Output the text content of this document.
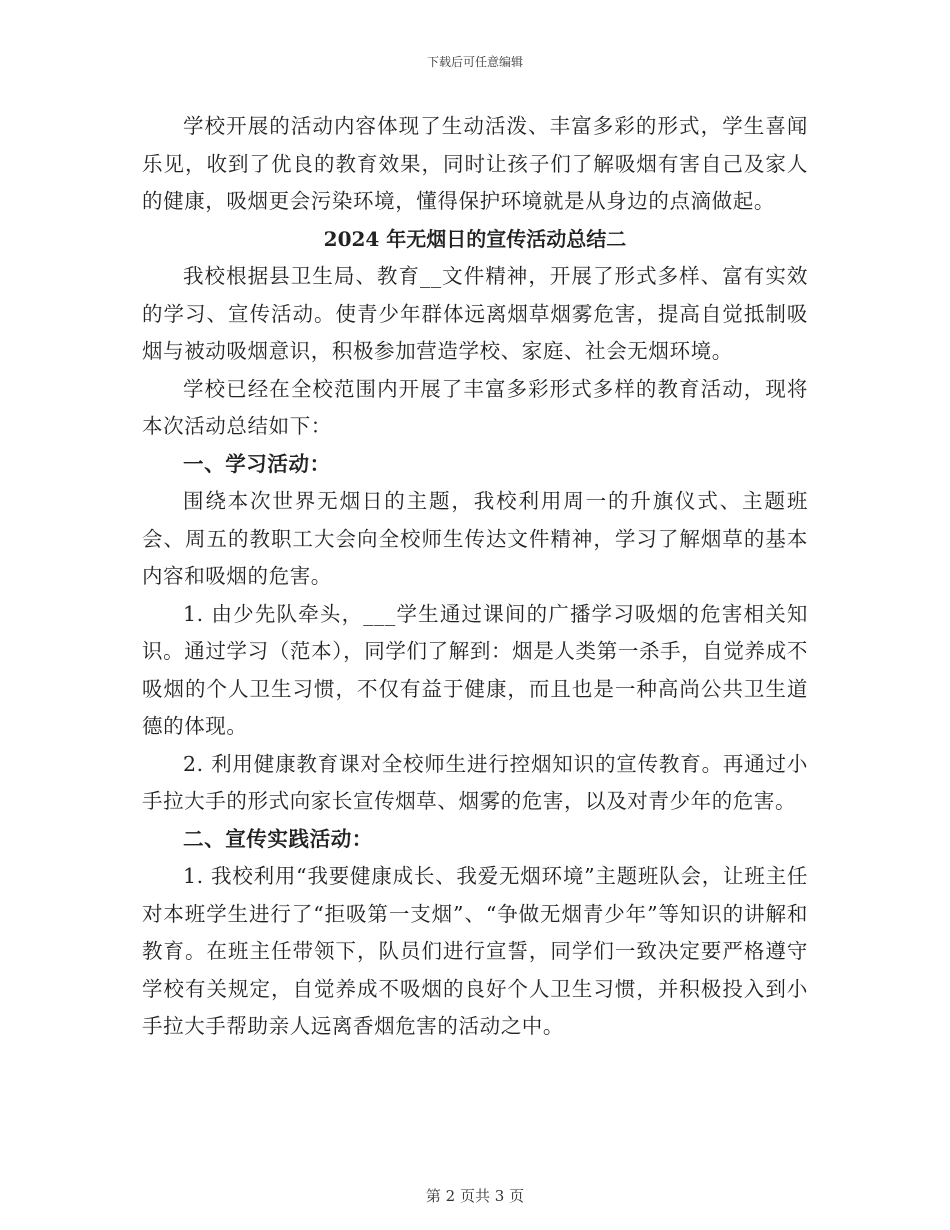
下载后可任意编辑

学校开展的活动内容体现了生动活泼、丰富多彩的形式，学生喜闻乐见，收到了优良的教育效果，同时让孩子们了解吸烟有害自己及家人的健康，吸烟更会污染环境，懂得保护环境就是从身边的点滴做起。

2024 年无烟日的宣传活动总结二

我校根据县卫生局、教育__文件精神，开展了形式多样、富有实效的学习、宣传活动。使青少年群体远离烟草烟雾危害，提高自觉抵制吸烟与被动吸烟意识，积极参加营造学校、家庭、社会无烟环境。

学校已经在全校范围内开展了丰富多彩形式多样的教育活动，现将本次活动总结如下：

一、学习活动：

围绕本次世界无烟日的主题，我校利用周一的升旗仪式、主题班会、周五的教职工大会向全校师生传达文件精神，学习了解烟草的基本内容和吸烟的危害。

1. 由少先队牵头，___学生通过课间的广播学习吸烟的危害相关知识。通过学习（范本），同学们了解到：烟是人类第一杀手，自觉养成不吸烟的个人卫生习惯，不仅有益于健康，而且也是一种高尚公共卫生道德的体现。

2. 利用健康教育课对全校师生进行控烟知识的宣传教育。再通过小手拉大手的形式向家长宣传烟草、烟雾的危害，以及对青少年的危害。

二、宣传实践活动：

1. 我校利用“我要健康成长、我爱无烟环境”主题班队会，让班主任对本班学生进行了“拒吸第一支烟”、“争做无烟青少年”等知识的讲解和教育。在班主任带领下，队员们进行宣誓，同学们一致决定要严格遵守学校有关规定，自觉养成不吸烟的良好个人卫生习惯，并积极投入到小手拉大手帮助亲人远离香烟危害的活动之中。

第 2 页共 3 页
